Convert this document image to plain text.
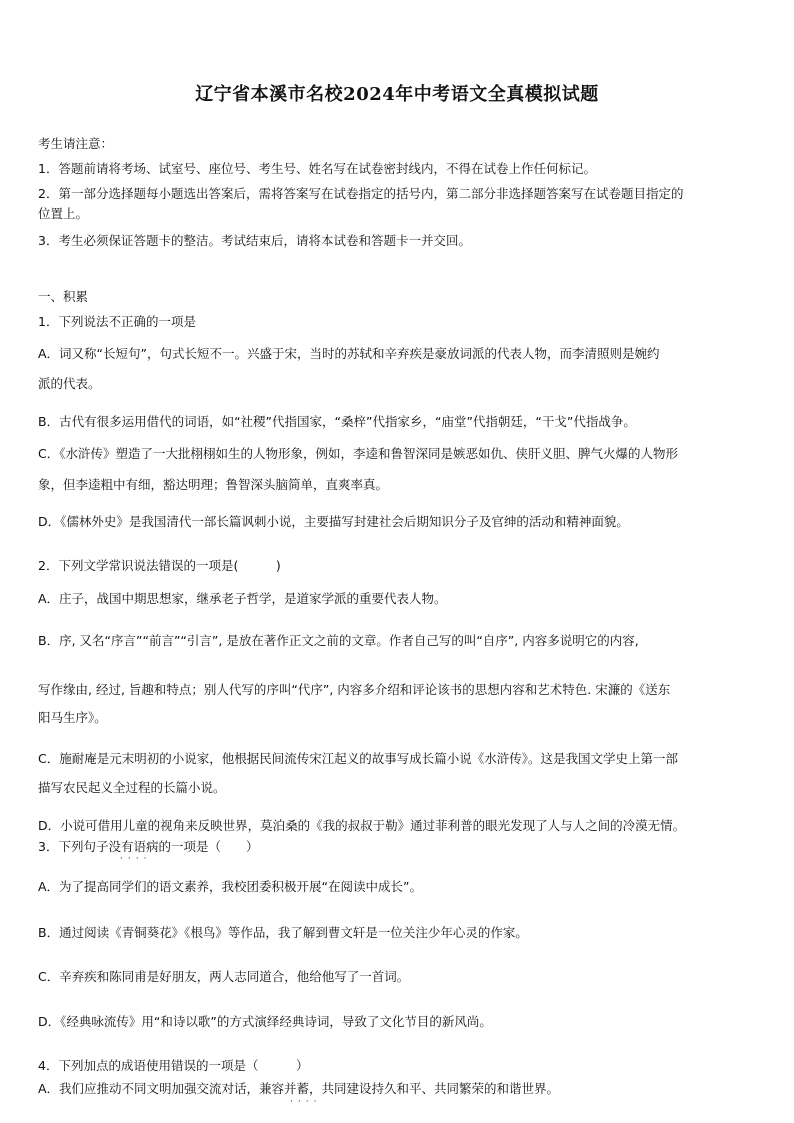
辽宁省本溪市名校2024年中考语文全真模拟试题
考生请注意：
1．答题前请将考场、试室号、座位号、考生号、姓名写在试卷密封线内，不得在试卷上作任何标记。
2．第一部分选择题每小题选出答案后，需将答案写在试卷指定的括号内，第二部分非选择题答案写在试卷题目指定的
位置上。
3．考生必须保证答题卡的整洁。考试结束后，请将本试卷和答题卡一并交回。
一、积累
1．下列说法不正确的一项是
A．词又称“长短句”，句式长短不一。兴盛于宋，当时的苏轼和辛弃疾是豪放词派的代表人物，而李清照则是婉约
派的代表。
B．古代有很多运用借代的词语，如“社稷”代指国家，“桑梓”代指家乡，“庙堂”代指朝廷，“干戈”代指战争。
C．《水浒传》塑造了一大批栩栩如生的人物形象，例如，李逵和鲁智深同是嫉恶如仇、侠肝义胆、脾气火爆的人物形
象，但李逵粗中有细，豁达明理；鲁智深头脑简单，直爽率真。
D．《儒林外史》是我国清代一部长篇讽刺小说，主要描写封建社会后期知识分子及官绅的活动和精神面貌。
2．下列文学常识说法错误的一项是(　　　)
A．庄子，战国中期思想家，继承老子哲学，是道家学派的重要代表人物。
B．序, 又名“序言”“前言”“引言”, 是放在著作正文之前的文章。作者自己写的叫“自序”, 内容多说明它的内容,
写作缘由, 经过, 旨趣和特点；别人代写的序叫“代序”, 内容多介绍和评论该书的思想内容和艺术特色. 宋濂的《送东
阳马生序》。
C．施耐庵是元末明初的小说家，他根据民间流传宋江起义的故事写成长篇小说《水浒传》。这是我国文学史上第一部
描写农民起义全过程的长篇小说。
D．小说可借用儿童的视角来反映世界，莫泊桑的《我的叔叔于勒》通过菲利普的眼光发现了人与人之间的冷漠无情。
3．下列句子没有语病的一项是（　　）
····
A．为了提高同学们的语文素养，我校团委积极开展“在阅读中成长”。
B．通过阅读《青铜葵花》《根鸟》等作品，我了解到曹文轩是一位关注少年心灵的作家。
C．辛弃疾和陈同甫是好朋友，两人志同道合，他给他写了一首词。
D．《经典咏流传》用“和诗以歌”的方式演绎经典诗词，导致了文化节目的新风尚。
4．下列加点的成语使用错误的一项是（　　　）
A．我们应推动不同文明加强交流对话，兼容并蓄，共同建设持久和平、共同繁荣的和谐世界。
····
